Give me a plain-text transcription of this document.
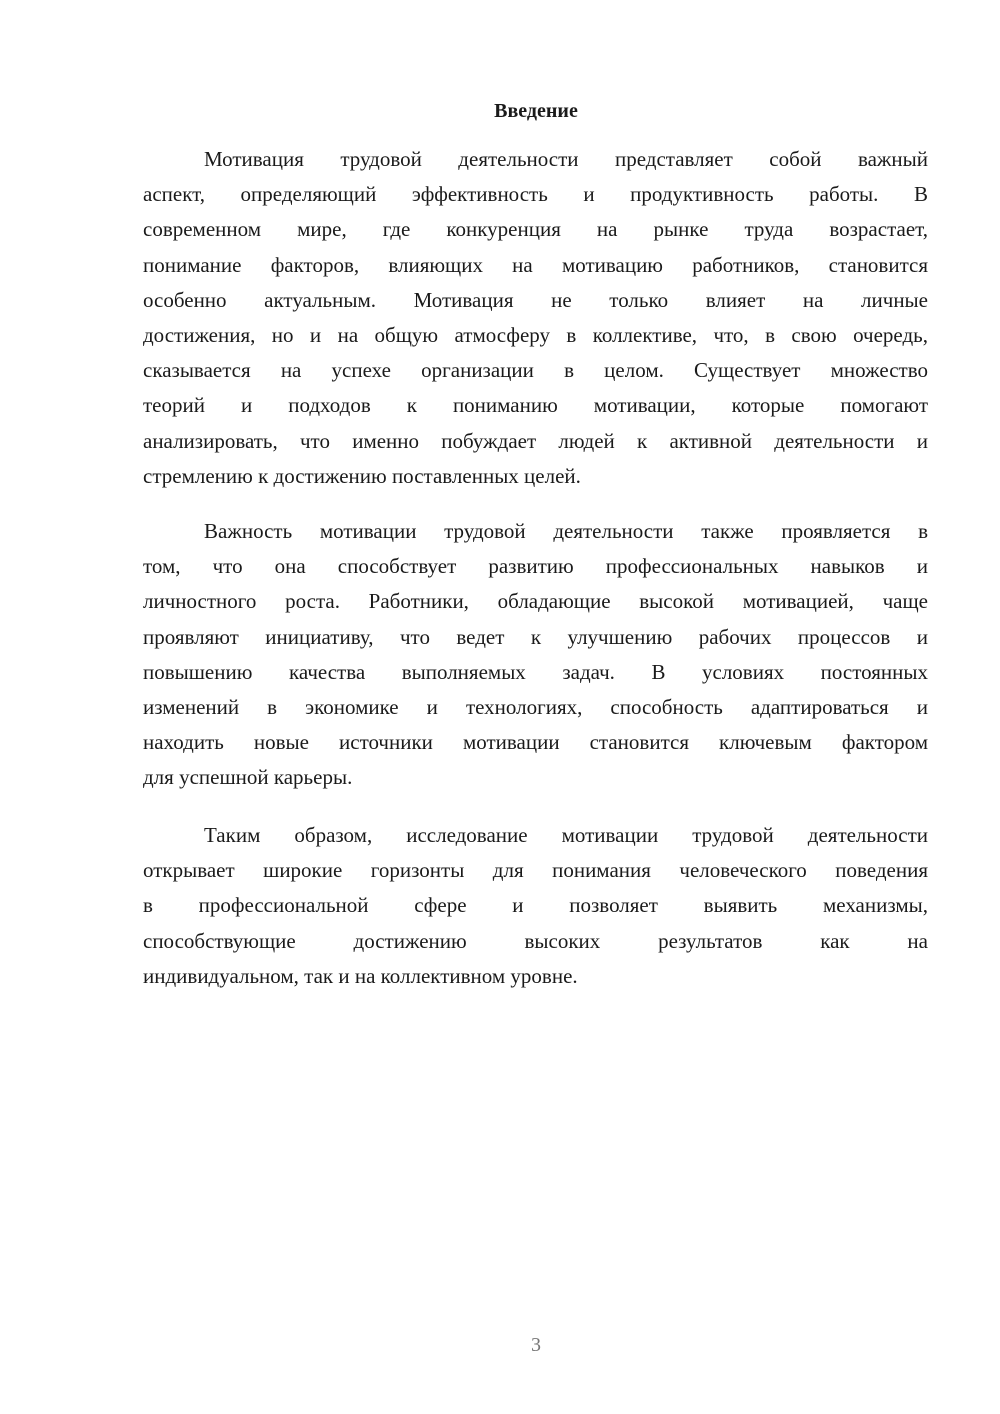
Введение
Мотивация трудовой деятельности представляет собой важный
аспект, определяющий эффективность и продуктивность работы. В
современном мире, где конкуренция на рынке труда возрастает,
понимание факторов, влияющих на мотивацию работников, становится
особенно актуальным. Мотивация не только влияет на личные
достижения, но и на общую атмосферу в коллективе, что, в свою очередь,
сказывается на успехе организации в целом. Существует множество
теорий и подходов к пониманию мотивации, которые помогают
анализировать, что именно побуждает людей к активной деятельности и
стремлению к достижению поставленных целей.
Важность мотивации трудовой деятельности также проявляется в
том, что она способствует развитию профессиональных навыков и
личностного роста. Работники, обладающие высокой мотивацией, чаще
проявляют инициативу, что ведет к улучшению рабочих процессов и
повышению качества выполняемых задач. В условиях постоянных
изменений в экономике и технологиях, способность адаптироваться и
находить новые источники мотивации становится ключевым фактором
для успешной карьеры.
Таким образом, исследование мотивации трудовой деятельности
открывает широкие горизонты для понимания человеческого поведения
в профессиональной сфере и позволяет выявить механизмы,
способствующие достижению высоких результатов как на
индивидуальном, так и на коллективном уровне.
3
